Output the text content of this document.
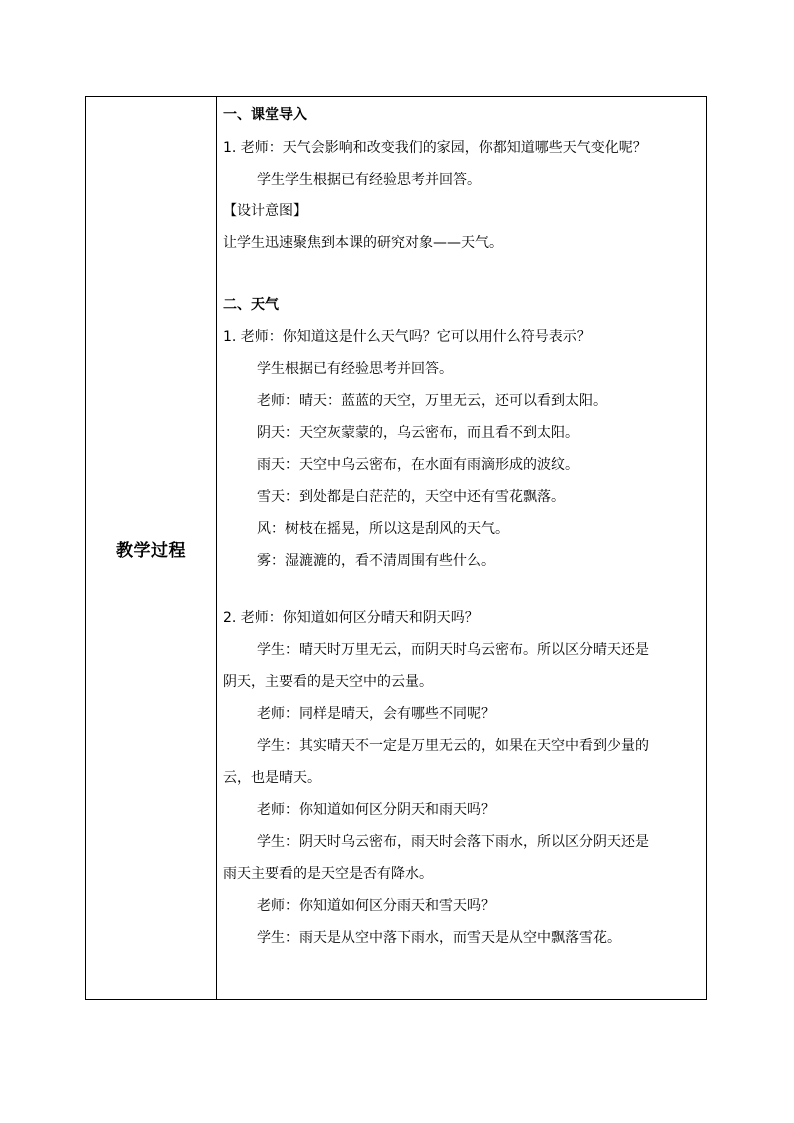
教学过程
一、课堂导入
1. 老师：天气会影响和改变我们的家园，你都知道哪些天气变化呢？
学生学生根据已有经验思考并回答。
【设计意图】
让学生迅速聚焦到本课的研究对象——天气。
二、天气
1. 老师：你知道这是什么天气吗？它可以用什么符号表示？
学生根据已有经验思考并回答。
老师：晴天：蓝蓝的天空，万里无云，还可以看到太阳。
阴天：天空灰蒙蒙的，乌云密布，而且看不到太阳。
雨天：天空中乌云密布，在水面有雨滴形成的波纹。
雪天：到处都是白茫茫的，天空中还有雪花飘落。
风：树枝在摇晃，所以这是刮风的天气。
雾：湿漉漉的，看不清周围有些什么。
2. 老师：你知道如何区分晴天和阴天吗？
学生：晴天时万里无云，而阴天时乌云密布。所以区分晴天还是
阴天，主要看的是天空中的云量。
老师：同样是晴天，会有哪些不同呢？
学生：其实晴天不一定是万里无云的，如果在天空中看到少量的
云，也是晴天。
老师：你知道如何区分阴天和雨天吗？
学生：阴天时乌云密布，雨天时会落下雨水，所以区分阴天还是
雨天主要看的是天空是否有降水。
老师：你知道如何区分雨天和雪天吗？
学生：雨天是从空中落下雨水，而雪天是从空中飘落雪花。
